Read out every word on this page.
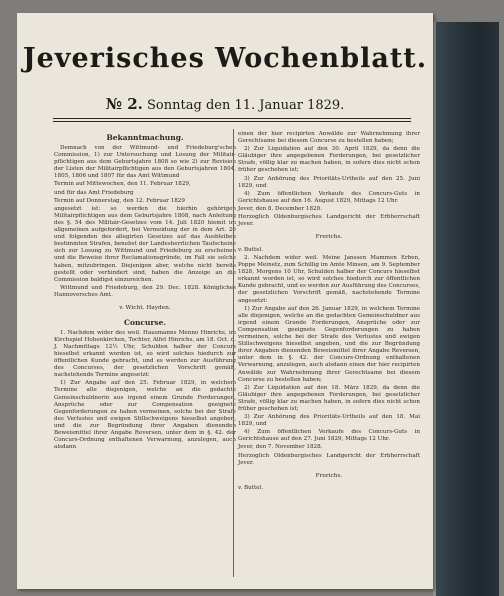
Jeverisches Wochenblatt.
№ 2. Sonntag den 11. Januar 1829.
Bekanntmachung.

Demnach von der Wittmund- und Friedeburg'schen Commission, 1) zur Untersuchung und Losung der Militair-pflichtigen aus dem Geburtsjahre 1808 so wie 2) zur Revision der Listen der Militairpflichtigen aus den Geburtsjahren 1804, 1805, 1806 und 1807 für das Amt Wittmund

Termin auf Mittewochen, den 11. Februar 1829,

und für das Amt Friedeburg

Termin auf Donnerstag, den 12. Februar 1829

angesetzt ist: so werden die hierhin gehörigen Militairpflichtigen aus dem Geburtsjahre 1808, nach Anleitung des §. 54 des Militair-Gesetzes vom 14. Juli 1820 hiemit im allgemeinen aufgefordert, bei Vermeidung der in dem Art. 26 und folgenden des allegirten Gesetzes auf das Ausbleiben bestimmten Strafen, benebst der Landesherrlichen Taufscheine sich zur Losung zu Wittmund und Friedeburg zu erscheinen und die Beweise ihrer Reclamationsgründe, im Fall sie solche haben, mitzubringen. Diejenigen aber, welche nicht bereits gestellt oder verhindert sind, haben die Anzeige an die Commission baldigst einzureichen.

Wittmund und Friedeburg, den 29. Dec. 1828. Königliches Hannoversches Amt.

v. Wicht. Hayden.

Concurse.

1. Nachdem wider des weil. Hausmanns Menno Hinrichs, im Kirchspiel Hohenkirchen, Tochter, Alfet Hinrichs, am 18. Oct. d. J. Nachmittags 12½ Uhr, Schulden halber der Concurs hieselbst erkannt worden ist, so wird solches hiedurch zur öffentlichen Kunde gebracht, und es werden zur Ausführung des Concurses, der gesetzlichen Vorschrift gemäß, nachstehende Termine angesetzt:

1) Zur Angabe auf den 25. Februar 1829, in welchem Termine alle diejenigen, welche an die gedachte Gemeinschuldnerin aus irgend einem Grunde Forderungen, Ansprüche oder zur Compensation geeignete Gegenforderungen zu haben vermeinen, solche bei der Strafe des Verlustes und ewigen Stillschweigens hieselbst angeben, und die zur Begründung ihrer Angaben dienenden Beweismittel ihrer Angabe Reversen, unter dem in §. 42. der Concurs-Ordnung enthaltenen Verwarnung, anzulegen, auch alsdann

einen der hier recipirten Anwälde zur Wahrnehmung ihrer Gerechtsame bei diesem Concurse zu bestellen haben;

2) Zur Liquidation auf den 30. April 1829, da denn die Gläubiger ihre angegebenen Forderungen, bei gesetzlicher Strafe, völlig klar zu machen haben, in sofern dies nicht schon früher geschehen ist;

3) Zur Anhörung des Prioritäts-Urtheils auf den 25. Juni 1829, und

4) Zum öffentlichen Verkaufe des Concurs-Guts in Gerichtshause auf den 16. August 1829, Mittags 12 Uhr.

Jever, den 8. December 1828.

Herzoglich Oldenburgisches Landgericht der Erbherrschaft Jever.

Frerichs.

v. Buttel.

2. Nachdem wider weil. Meine Janssen Mammen Erben, Poppe Meinetz, zum Schillig im Amte Minsen, am 9. September 1828, Morgens 10 Uhr, Schulden halber der Concurs hieselbst erkannt worden ist, so wird solches hiedurch zur öffentlichen Kunde gebracht, und es werden zur Ausführung des Concurses, der gesetzlichen Vorschrift gemäß, nachstehende Termine angesetzt:

1) Zur Angabe auf den 26. Januar 1829, in welchem Termine alle diejenigen, welche an die gedachten Gemeinschuldner aus irgend einem Grunde Forderungen, Ansprüche oder zur Compensation geeignete Gegenforderungen zu haben vermeinen, solche bei der Strafe des Verlustes und ewigen Stillschweigens hieselbst angeben, und die zur Begründung ihrer Angaben dienenden Beweismittel ihrer Angabe Reversen, unter dem in §. 42. der Concurs-Ordnung enthaltenen Verwarnung, anzulegen, auch alsdann einen der hier recipirten Anwälde zur Wahrnehmung ihrer Gerechtsame bei diesem Concurse zu bestellen haben;

2) Zur Liquidation auf den 18. März 1829, da denn die Gläubiger ihre angegebenen Forderungen, bei gesetzlicher Strafe, völlig klar zu machen haben, in sofern dies nicht schon früher geschehen ist;

3) Zur Anhörung des Prioritäts-Urtheils auf den 18. Mai 1829, und

4) Zum öffentlichen Verkaufe des Concurs-Guts in Gerichtshause auf den 27. Juni 1829, Mittags 12 Uhr.

Jever, den 7. November 1828.

Herzoglich Oldenburgisches Landgericht der Erbherrschaft Jever.

Frerichs.

v. Buttel.
